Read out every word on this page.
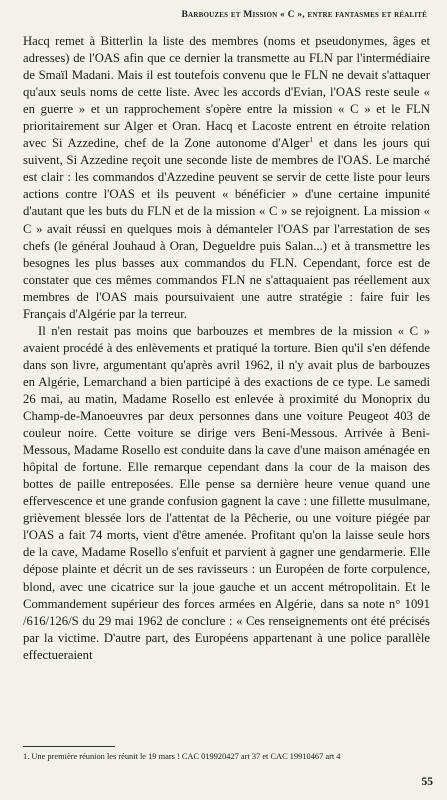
Barbouzes et Mission « C », entre fantasmes et réalité

Hacq remet à Bitterlin la liste des membres (noms et pseudonymes, âges et adresses) de l'OAS afin que ce dernier la transmette au FLN par l'intermédiaire de Smaïl Madani. Mais il est toutefois convenu que le FLN ne devait s'attaquer qu'aux seuls noms de cette liste. Avec les accords d'Evian, l'OAS reste seule « en guerre » et un rapprochement s'opère entre la mission « C » et le FLN prioritairement sur Alger et Oran. Hacq et Lacoste entrent en étroite relation avec Si Azzedine, chef de la Zone autonome d'Alger$^1$ et dans les jours qui suivent, Si Azzedine reçoit une seconde liste de membres de l'OAS. Le marché est clair : les commandos d'Azzedine peuvent se servir de cette liste pour leurs actions contre l'OAS et ils peuvent « bénéficier » d'une certaine impunité d'autant que les buts du FLN et de la mission « C » se rejoignent. La mission « C » avait réussi en quelques mois à démanteler l'OAS par l'arrestation de ses chefs (le général Jouhaud à Oran, Degueldre puis Salan...) et à transmettre les besognes les plus basses aux commandos du FLN. Cependant, force est de constater que ces mêmes commandos FLN ne s'attaquaient pas réellement aux membres de l'OAS mais poursuivaient une autre stratégie : faire fuir les Français d'Algérie par la terreur.

Il n'en restait pas moins que barbouzes et membres de la mission « C » avaient procédé à des enlèvements et pratiqué la torture. Bien qu'il s'en défende dans son livre, argumentant qu'après avril 1962, il n'y avait plus de barbouzes en Algérie, Lemarchand a bien participé à des exactions de ce type. Le samedi 26 mai, au matin, Madame Rosello est enlevée à proximité du Monoprix du Champ-de-Manoeuvres par deux personnes dans une voiture Peugeot 403 de couleur noire. Cette voiture se dirige vers Beni-Messous. Arrivée à Beni-Messous, Madame Rosello est conduite dans la cave d'une maison aménagée en hôpital de fortune. Elle remarque cependant dans la cour de la maison des bottes de paille entreposées. Elle pense sa dernière heure venue quand une effervescence et une grande confusion gagnent la cave : une fillette musulmane, grièvement blessée lors de l'attentat de la Pêcherie, ou une voiture piégée par l'OAS a fait 74 morts, vient d'être amenée. Profitant qu'on la laisse seule hors de la cave, Madame Rosello s'enfuit et parvient à gagner une gendarmerie. Elle dépose plainte et décrit un de ses ravisseurs : un Européen de forte corpulence, blond, avec une cicatrice sur la joue gauche et un accent métropolitain. Et le Commandement supérieur des forces armées en Algérie, dans sa note n° 1091 /616/126/S du 29 mai 1962 de conclure : « Ces renseignements ont été précisés par la victime. D'autre part, des Européens appartenant à une police parallèle effectueraient

1. Une première réunion les réunit le 19 mars ! CAC 019920427 art 37 et CAC 19910467 art 4
55
